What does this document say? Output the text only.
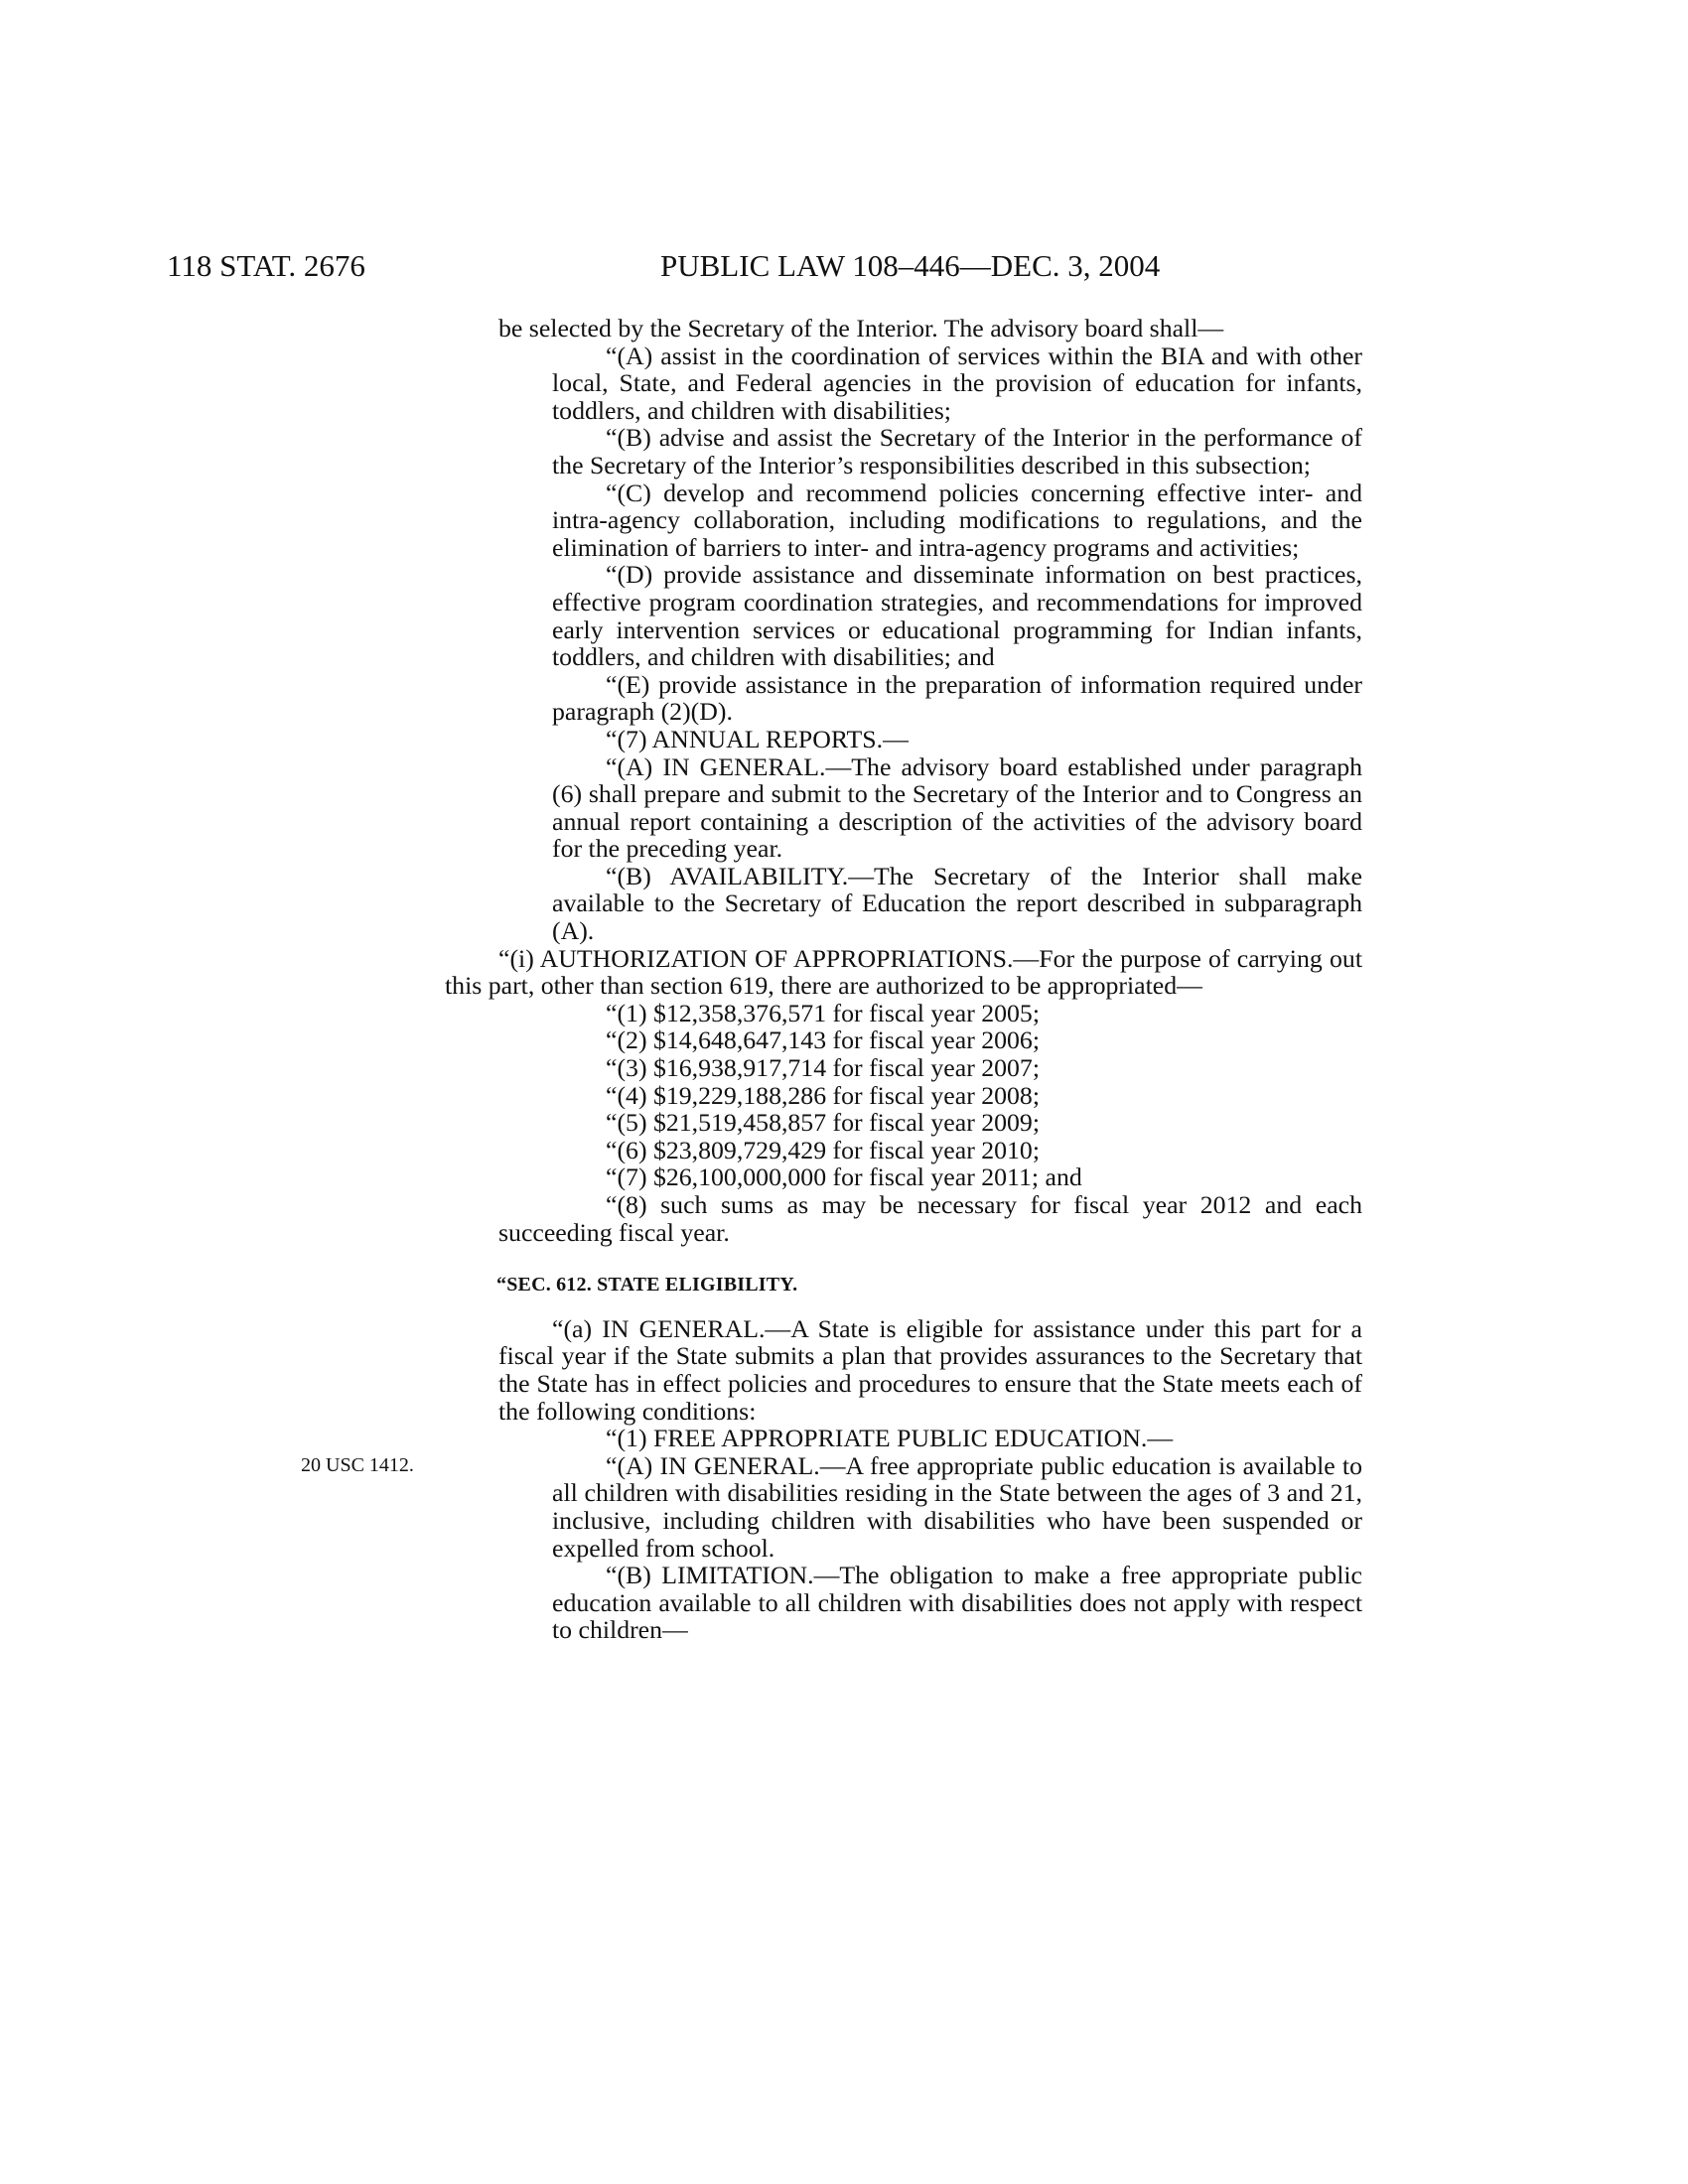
118 STAT. 2676	PUBLIC LAW 108–446—DEC. 3, 2004
20 USC 1412.

be selected by the Secretary of the Interior. The advisory board shall—

“(A) assist in the coordination of services within the BIA and with other local, State, and Federal agencies in the provision of education for infants, toddlers, and children with disabilities;

“(B) advise and assist the Secretary of the Interior in the performance of the Secretary of the Interior’s responsibilities described in this subsection;

“(C) develop and recommend policies concerning effective inter- and intra-agency collaboration, including modifications to regulations, and the elimination of barriers to inter- and intra-agency programs and activities;

“(D) provide assistance and disseminate information on best practices, effective program coordination strategies, and recommendations for improved early intervention services or educational programming for Indian infants, toddlers, and children with disabilities; and

“(E) provide assistance in the preparation of information required under paragraph (2)(D).

“(7) ANNUAL REPORTS.—

“(A) IN GENERAL.—The advisory board established under paragraph (6) shall prepare and submit to the Secretary of the Interior and to Congress an annual report containing a description of the activities of the advisory board for the preceding year.

“(B) AVAILABILITY.—The Secretary of the Interior shall make available to the Secretary of Education the report described in subparagraph (A).

“(i) AUTHORIZATION OF APPROPRIATIONS.—For the purpose of carrying out this part, other than section 619, there are authorized to be appropriated—

“(1) $12,358,376,571 for fiscal year 2005;

“(2) $14,648,647,143 for fiscal year 2006;

“(3) $16,938,917,714 for fiscal year 2007;

“(4) $19,229,188,286 for fiscal year 2008;

“(5) $21,519,458,857 for fiscal year 2009;

“(6) $23,809,729,429 for fiscal year 2010;

“(7) $26,100,000,000 for fiscal year 2011; and

“(8) such sums as may be necessary for fiscal year 2012 and each succeeding fiscal year.

“SEC. 612. STATE ELIGIBILITY.

“(a) IN GENERAL.—A State is eligible for assistance under this part for a fiscal year if the State submits a plan that provides assurances to the Secretary that the State has in effect policies and procedures to ensure that the State meets each of the following conditions:

“(1) FREE APPROPRIATE PUBLIC EDUCATION.—

“(A) IN GENERAL.—A free appropriate public education is available to all children with disabilities residing in the State between the ages of 3 and 21, inclusive, including children with disabilities who have been suspended or expelled from school.

“(B) LIMITATION.—The obligation to make a free appropriate public education available to all children with disabilities does not apply with respect to children—
